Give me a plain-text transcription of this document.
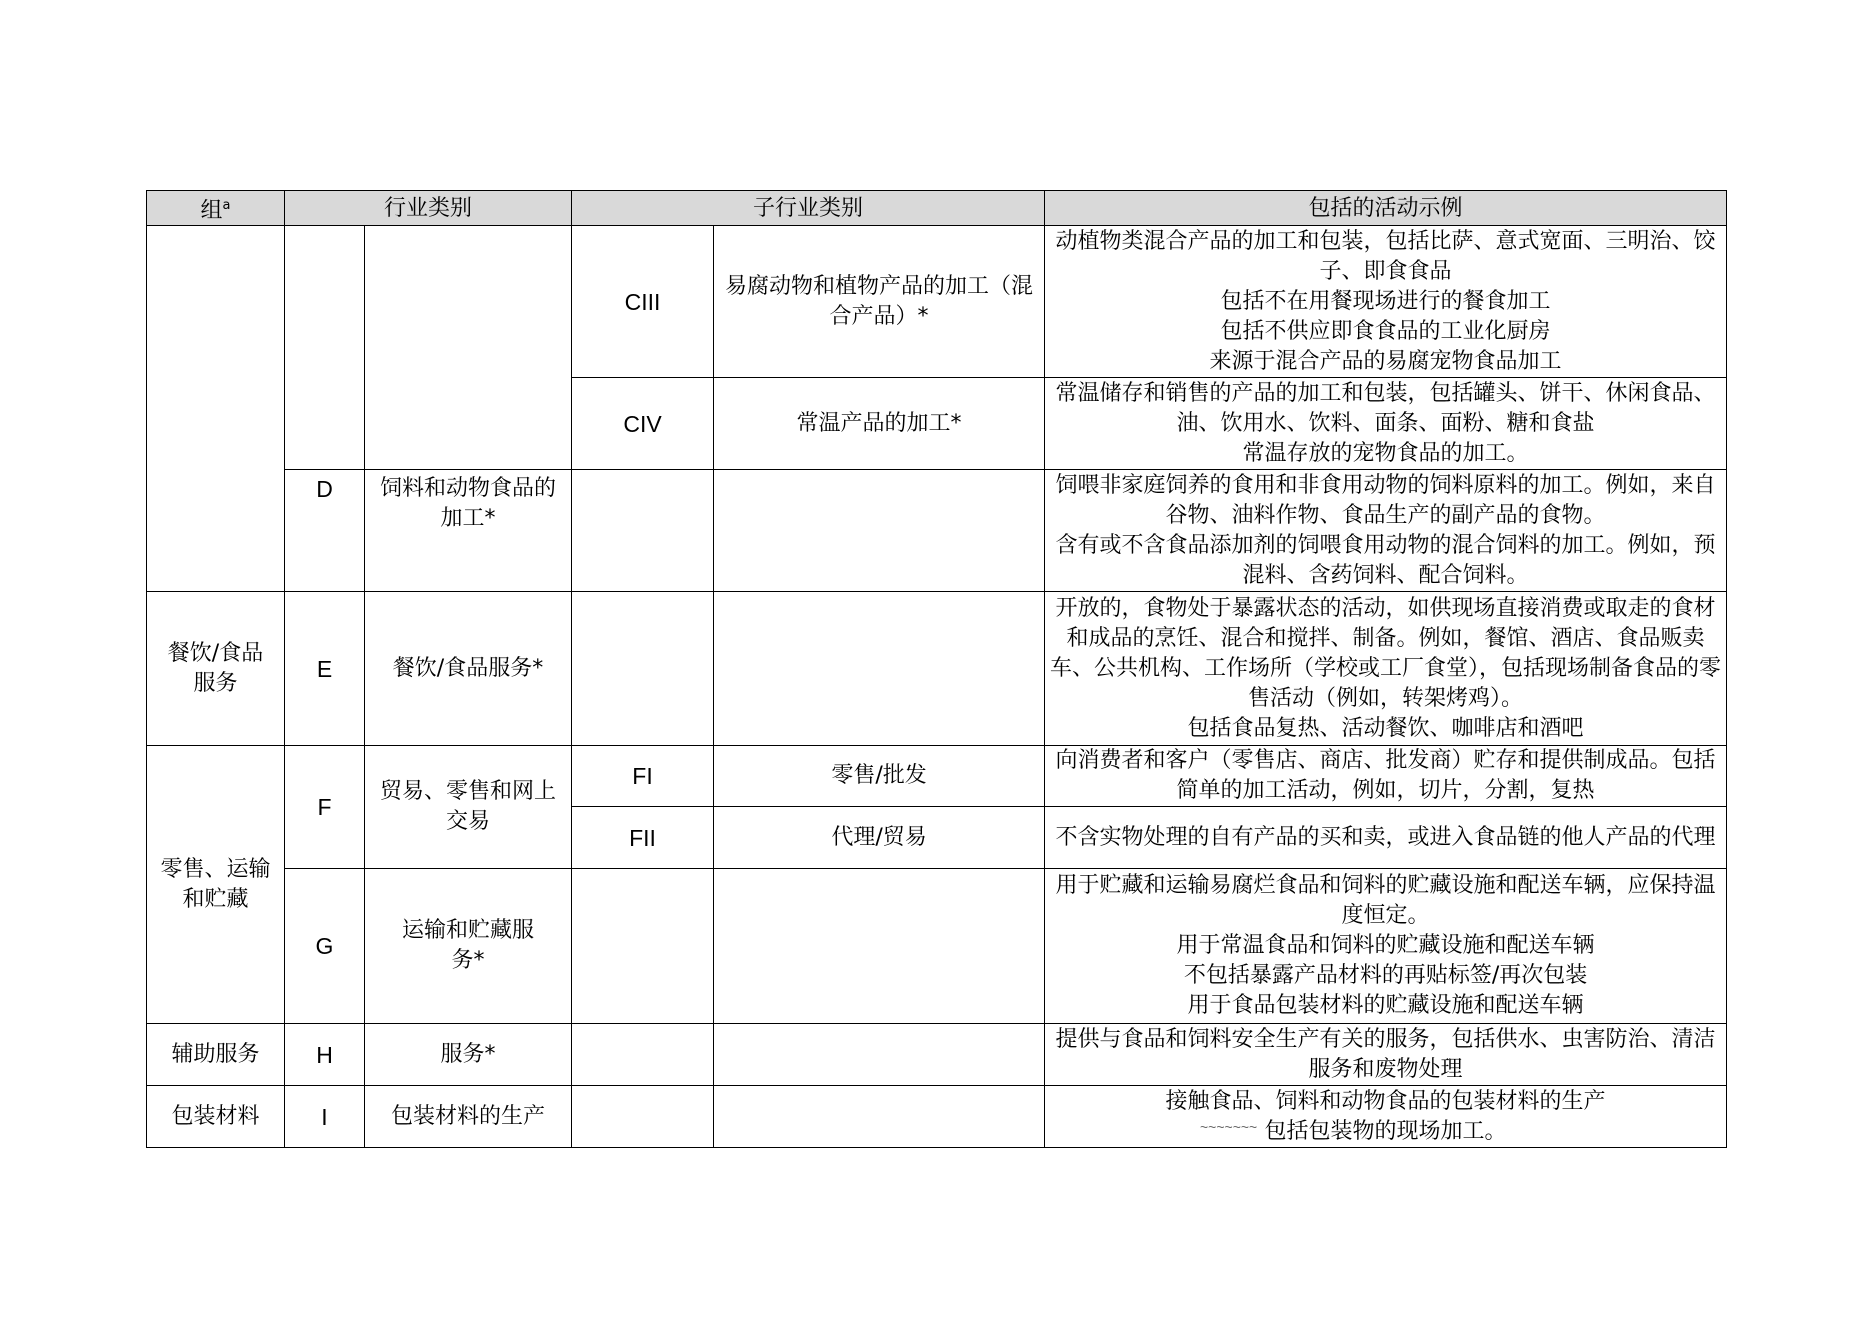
组$^a$	行业类别		子行业类别		包括的活动示例
			CIII	易腐动物和植物产品的加工（混合产品）*	动植物类混合产品的加工和包装，包括比萨、意式宽面、三明治、饺子、即食食品
包括不在用餐现场进行的餐食加工
包括不供应即食食品的工业化厨房
来源于混合产品的易腐宠物食品加工

			CIV	常温产品的加工*	常温储存和销售的产品的加工和包装，包括罐头、饼干、休闲食品、油、饮用水、饮料、面条、面粉、糖和食盐
常温存放的宠物食品的加工。

	D	饲料和动物食品的加工*			饲喂非家庭饲养的食用和非食用动物的饲料原料的加工。例如，来自谷物、油料作物、食品生产的副产品的食物。
含有或不含食品添加剂的饲喂食用动物的混合饲料的加工。例如，预混料、含药饲料、配合饲料。

餐饮/食品服务	E	餐饮/食品服务*			开放的，食物处于暴露状态的活动，如供现场直接消费或取走的食材和成品的烹饪、混合和搅拌、制备。例如，餐馆、酒店、食品贩卖车、公共机构、工作场所（学校或工厂食堂），包括现场制备食品的零售活动（例如，转架烤鸡）。
包括食品复热、活动餐饮、咖啡店和酒吧

零售、运输和贮藏	F	贸易、零售和网上交易	FI	零售/批发	向消费者和客户（零售店、商店、批发商）贮存和提供制成品。包括简单的加工活动，例如，切片，分割，复热

			FII	代理/贸易	不含实物处理的自有产品的买和卖，或进入食品链的他人产品的代理

	G	运输和贮藏服务*			用于贮藏和运输易腐烂食品和饲料的贮藏设施和配送车辆，应保持温度恒定。
用于常温食品和饲料的贮藏设施和配送车辆
不包括暴露产品材料的再贴标签/再次包装
用于食品包装材料的贮藏设施和配送车辆

辅助服务	H	服务*			提供与食品和饲料安全生产有关的服务，包括供水、虫害防治、清洁服务和废物处理

包装材料	I	包装材料的生产			接触食品、饲料和动物食品的包装材料的生产
包括包装物的现场加工。
~~~~~~~
